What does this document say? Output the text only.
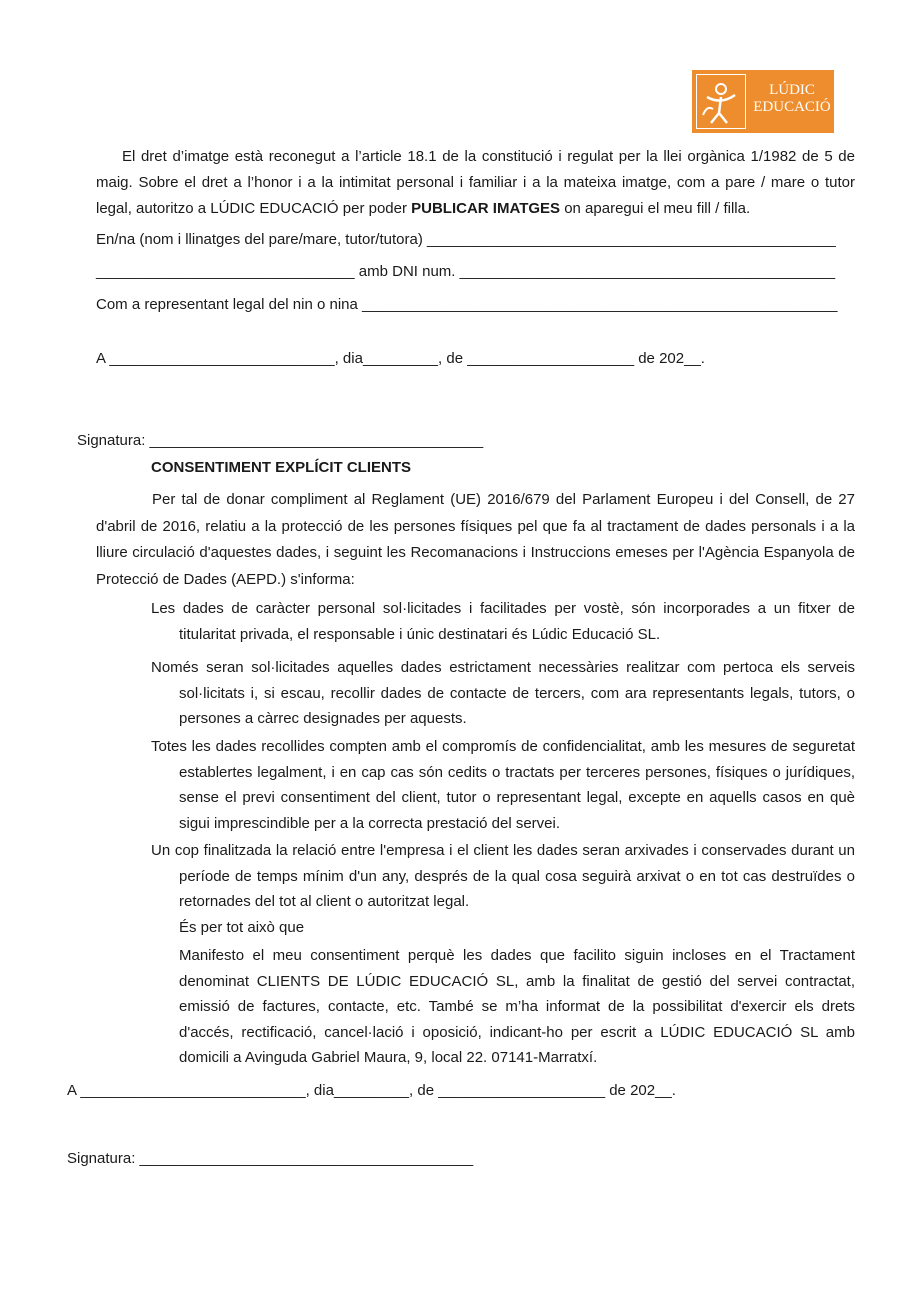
LÚDIC
EDUCACIÓ
El dret d’imatge està reconegut a l’article 18.1 de la constitució i regulat per la llei orgànica 1/1982 de 5 de maig. Sobre el dret a l’honor i a la intimitat personal i familiar i a la mateixa imatge, com a pare / mare o tutor legal, autoritzo a LÚDIC EDUCACIÓ per poder PUBLICAR IMATGES on aparegui el meu fill / filla.
En/na (nom i llinatges del pare/mare, tutor/tutora) _________________________________________________
_______________________________ amb DNI num. _____________________________________________
Com a representant legal del nin o nina _________________________________________________________
A ___________________________, dia_________, de ____________________ de 202__.
Signatura: ________________________________________
CONSENTIMENT EXPLÍCIT CLIENTS
Per tal de donar compliment al Reglament (UE) 2016/679 del Parlament Europeu i del Consell, de 27 d'abril de 2016, relatiu a la protecció de les persones físiques pel que fa al tractament de dades personals i a la lliure circulació d'aquestes dades, i seguint les Recomanacions i Instruccions emeses per l'Agència Espanyola de Protecció de Dades (AEPD.) s'informa:
Les dades de caràcter personal sol·licitades i facilitades per vostè, són incorporades a un fitxer de titularitat privada, el responsable i únic destinatari és Lúdic Educació SL.
Només seran sol·licitades aquelles dades estrictament necessàries realitzar com pertoca els serveis sol·licitats i, si escau, recollir dades de contacte de tercers, com ara representants legals, tutors, o persones a càrrec designades per aquests.
Totes les dades recollides compten amb el compromís de confidencialitat, amb les mesures de seguretat establertes legalment, i en cap cas són cedits o tractats per terceres persones, físiques o jurídiques, sense el previ consentiment del client, tutor o representant legal, excepte en aquells casos en què sigui imprescindible per a la correcta prestació del servei.
Un cop finalitzada la relació entre l'empresa i el client les dades seran arxivades i conservades durant un període de temps mínim d'un any, després de la qual cosa seguirà arxivat o en tot cas destruïdes o retornades del tot al client o autoritzat legal.
És per tot això que
Manifesto el meu consentiment perquè les dades que facilito siguin incloses en el Tractament denominat CLIENTS DE LÚDIC EDUCACIÓ SL, amb la finalitat de gestió del servei contractat, emissió de factures, contacte, etc. També se m’ha informat de la possibilitat d'exercir els drets d'accés, rectificació, cancel·lació i oposició, indicant-ho per escrit a LÚDIC EDUCACIÓ SL amb domicili a Avinguda Gabriel Maura, 9, local 22. 07141-Marratxí.
A ___________________________, dia_________, de ____________________ de 202__.
Signatura: ________________________________________
